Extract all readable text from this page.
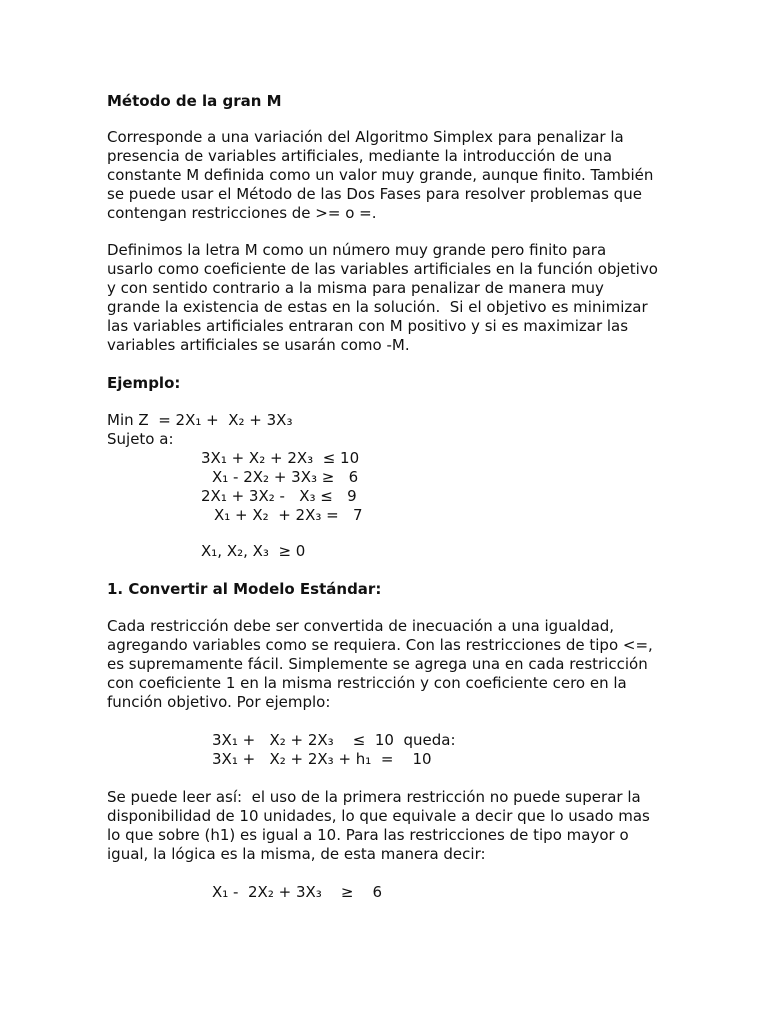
Método de la gran M
Corresponde a una variación del Algoritmo Simplex para penalizar la
presencia de variables artificiales, mediante la introducción de una
constante M definida como un valor muy grande, aunque finito. También
se puede usar el Método de las Dos Fases para resolver problemas que
contengan restricciones de >= o =.
Definimos la letra M como un número muy grande pero finito para
usarlo como coeficiente de las variables artificiales en la función objetivo
y con sentido contrario a la misma para penalizar de manera muy
grande la existencia de estas en la solución.  Si el objetivo es minimizar
las variables artificiales entraran con M positivo y si es maximizar las
variables artificiales se usarán como -M.
Ejemplo:
Min Z  = 2X₁ +  X₂ + 3X₃
Sujeto a:
3X₁ + X₂ + 2X₃  ≤ 10
X₁ - 2X₂ + 3X₃ ≥   6
2X₁ + 3X₂ -   X₃ ≤   9
X₁ + X₂  + 2X₃ =   7
X₁, X₂, X₃  ≥ 0
1. Convertir al Modelo Estándar:
Cada restricción debe ser convertida de inecuación a una igualdad,
agregando variables como se requiera. Con las restricciones de tipo <=,
es supremamente fácil. Simplemente se agrega una en cada restricción
con coeficiente 1 en la misma restricción y con coeficiente cero en la
función objetivo. Por ejemplo:
3X₁ +   X₂ + 2X₃    ≤  10  queda:
3X₁ +   X₂ + 2X₃ + h₁  =    10
Se puede leer así:  el uso de la primera restricción no puede superar la
disponibilidad de 10 unidades, lo que equivale a decir que lo usado mas
lo que sobre (h1) es igual a 10. Para las restricciones de tipo mayor o
igual, la lógica es la misma, de esta manera decir:
X₁ -  2X₂ + 3X₃    ≥    6
